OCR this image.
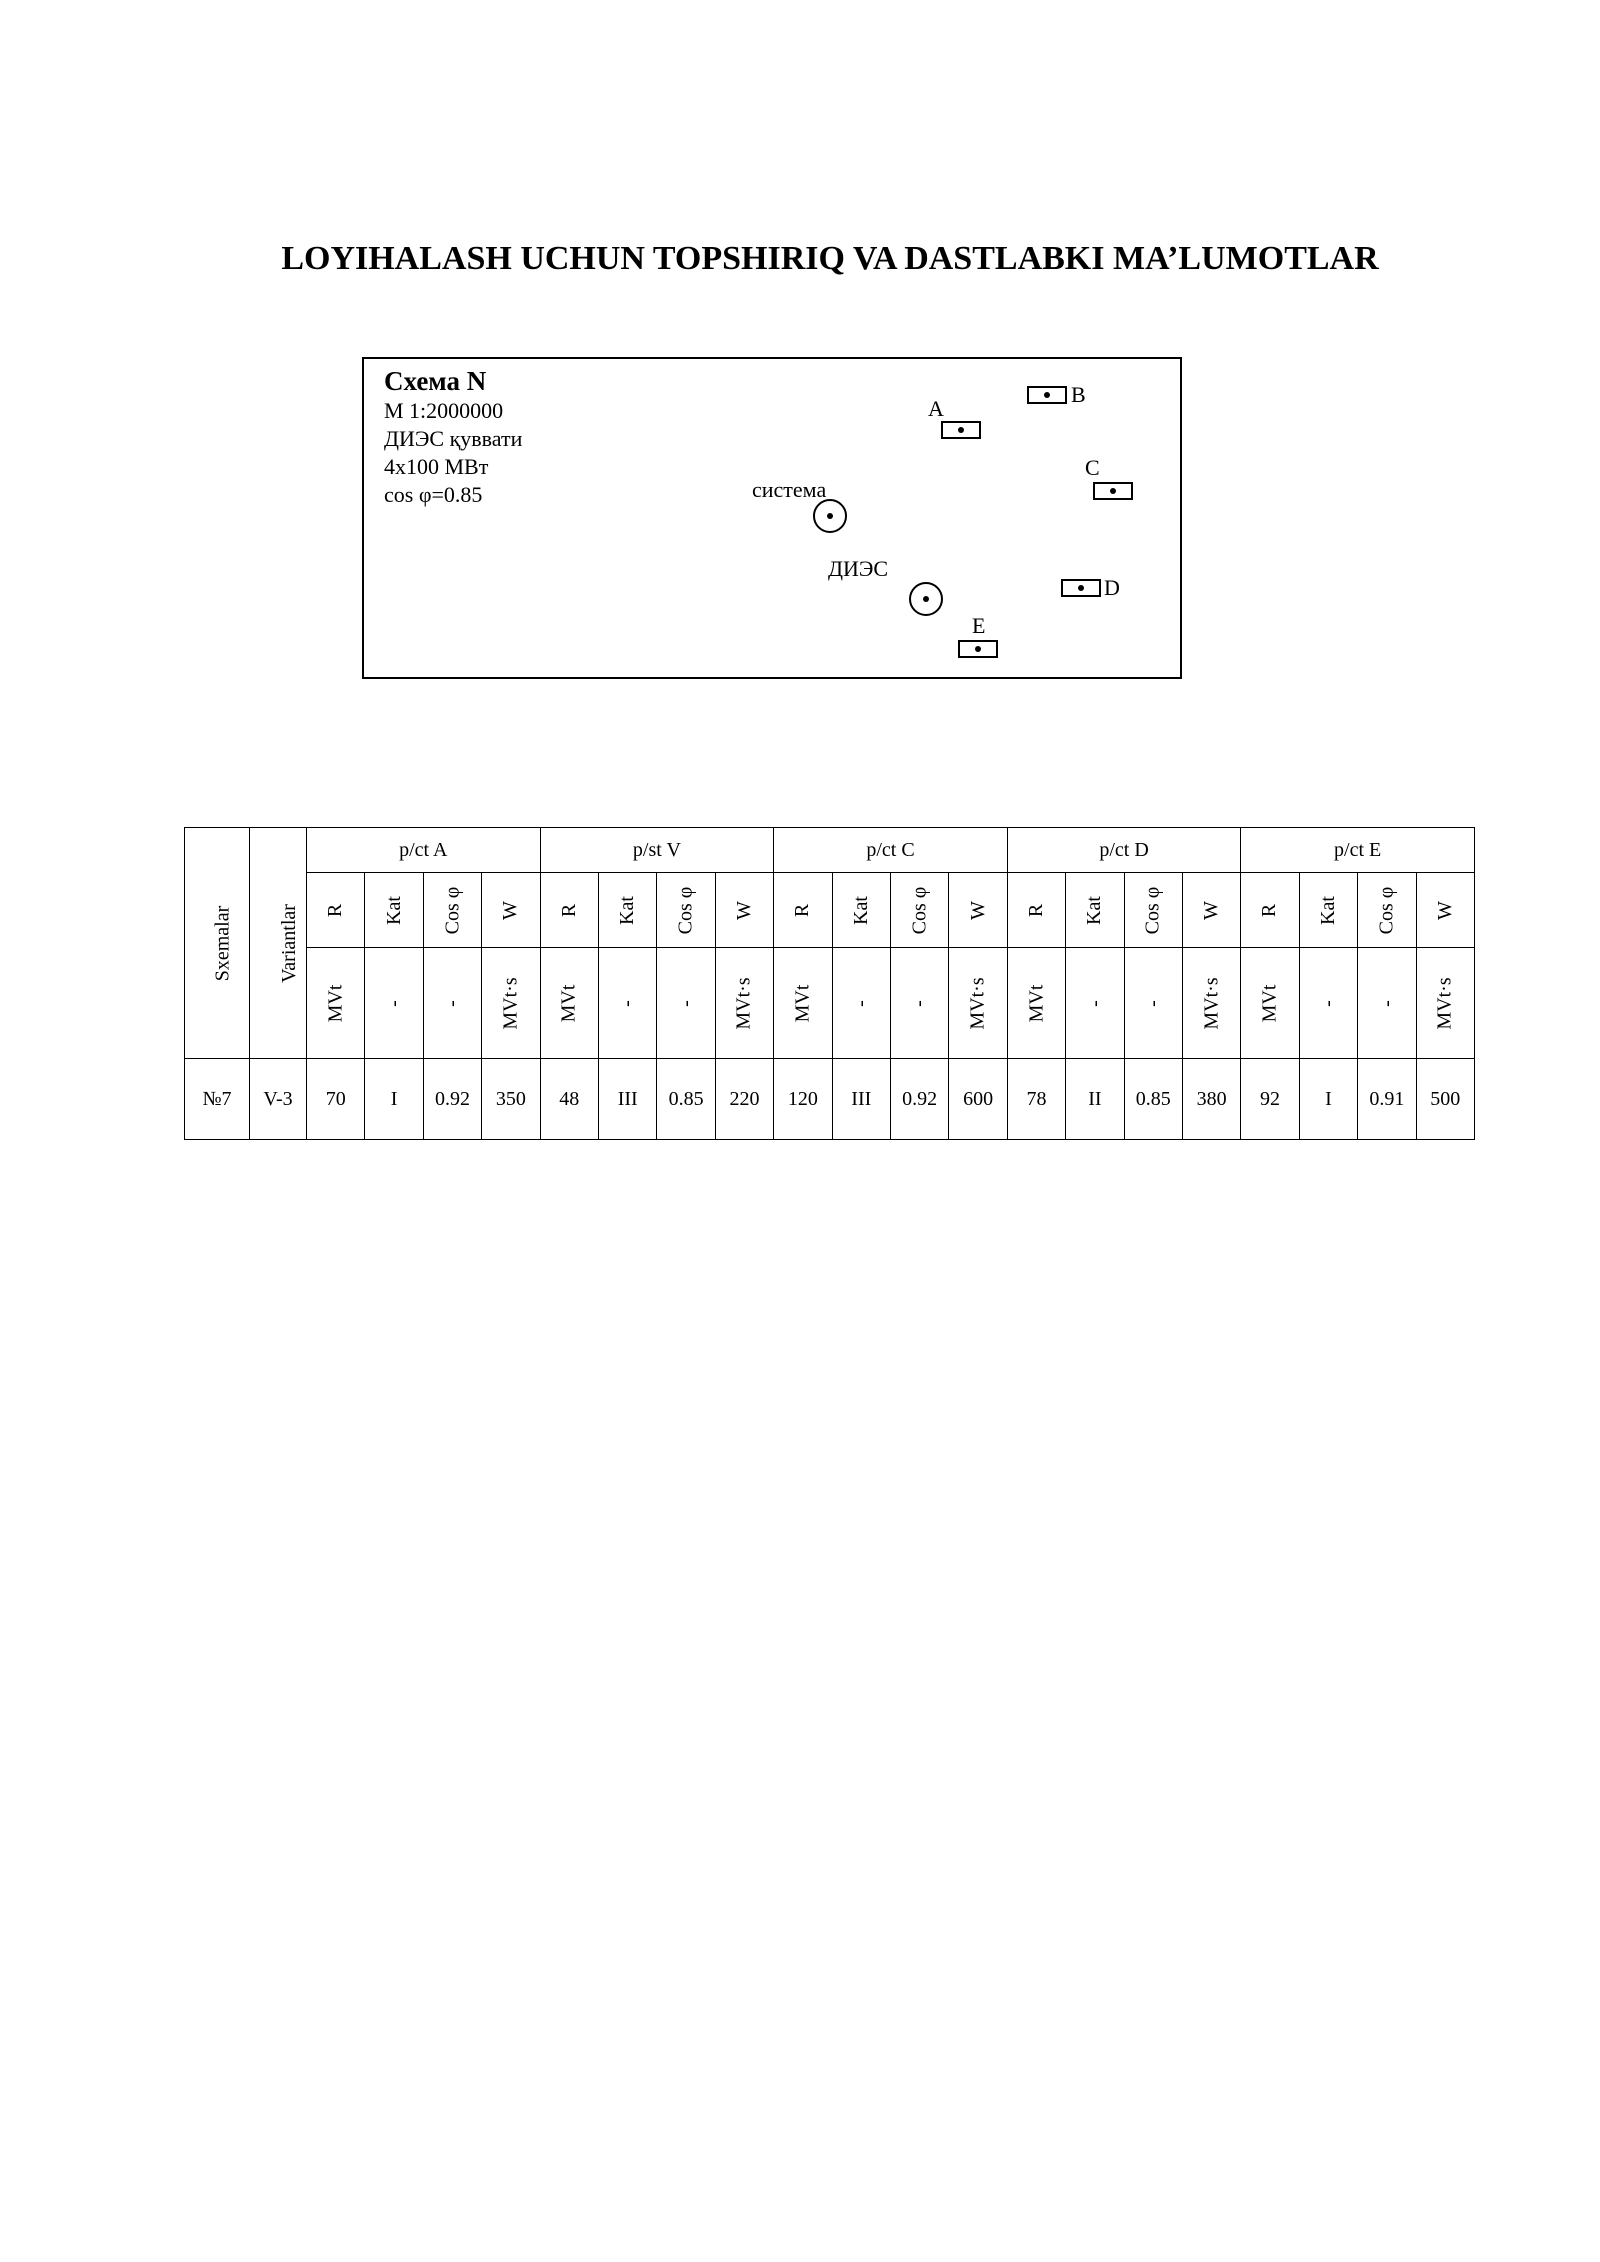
LOYIHALASH UCHUN TOPSHIRIQ VA DASTLABKI MA’LUMOTLAR
Схема N
М 1:2000000
ДИЭС қуввати
4х100 МВт
cos φ=0.85	система
ДИЭС
A
B
C
D
E
Sxemalar	Variantlar	p/ct A				p/st V				p/ct C				p/ct D				p/ct E			
		R	Kat	Cos φ	W	R	Kat	Cos φ	W	R	Kat	Cos φ	W	R	Kat	Cos φ	W	R	Kat	Cos φ	W
		MVt	-	-	MVt·s	MVt	-	-	MVt·s	MVt	-	-	MVt·s	MVt	-	-	MVt·s	MVt	-	-	MVt·s
№7	V-3	70	I	0.92	350	48	III	0.85	220	120	III	0.92	600	78	II	0.85	380	92	I	0.91	500
